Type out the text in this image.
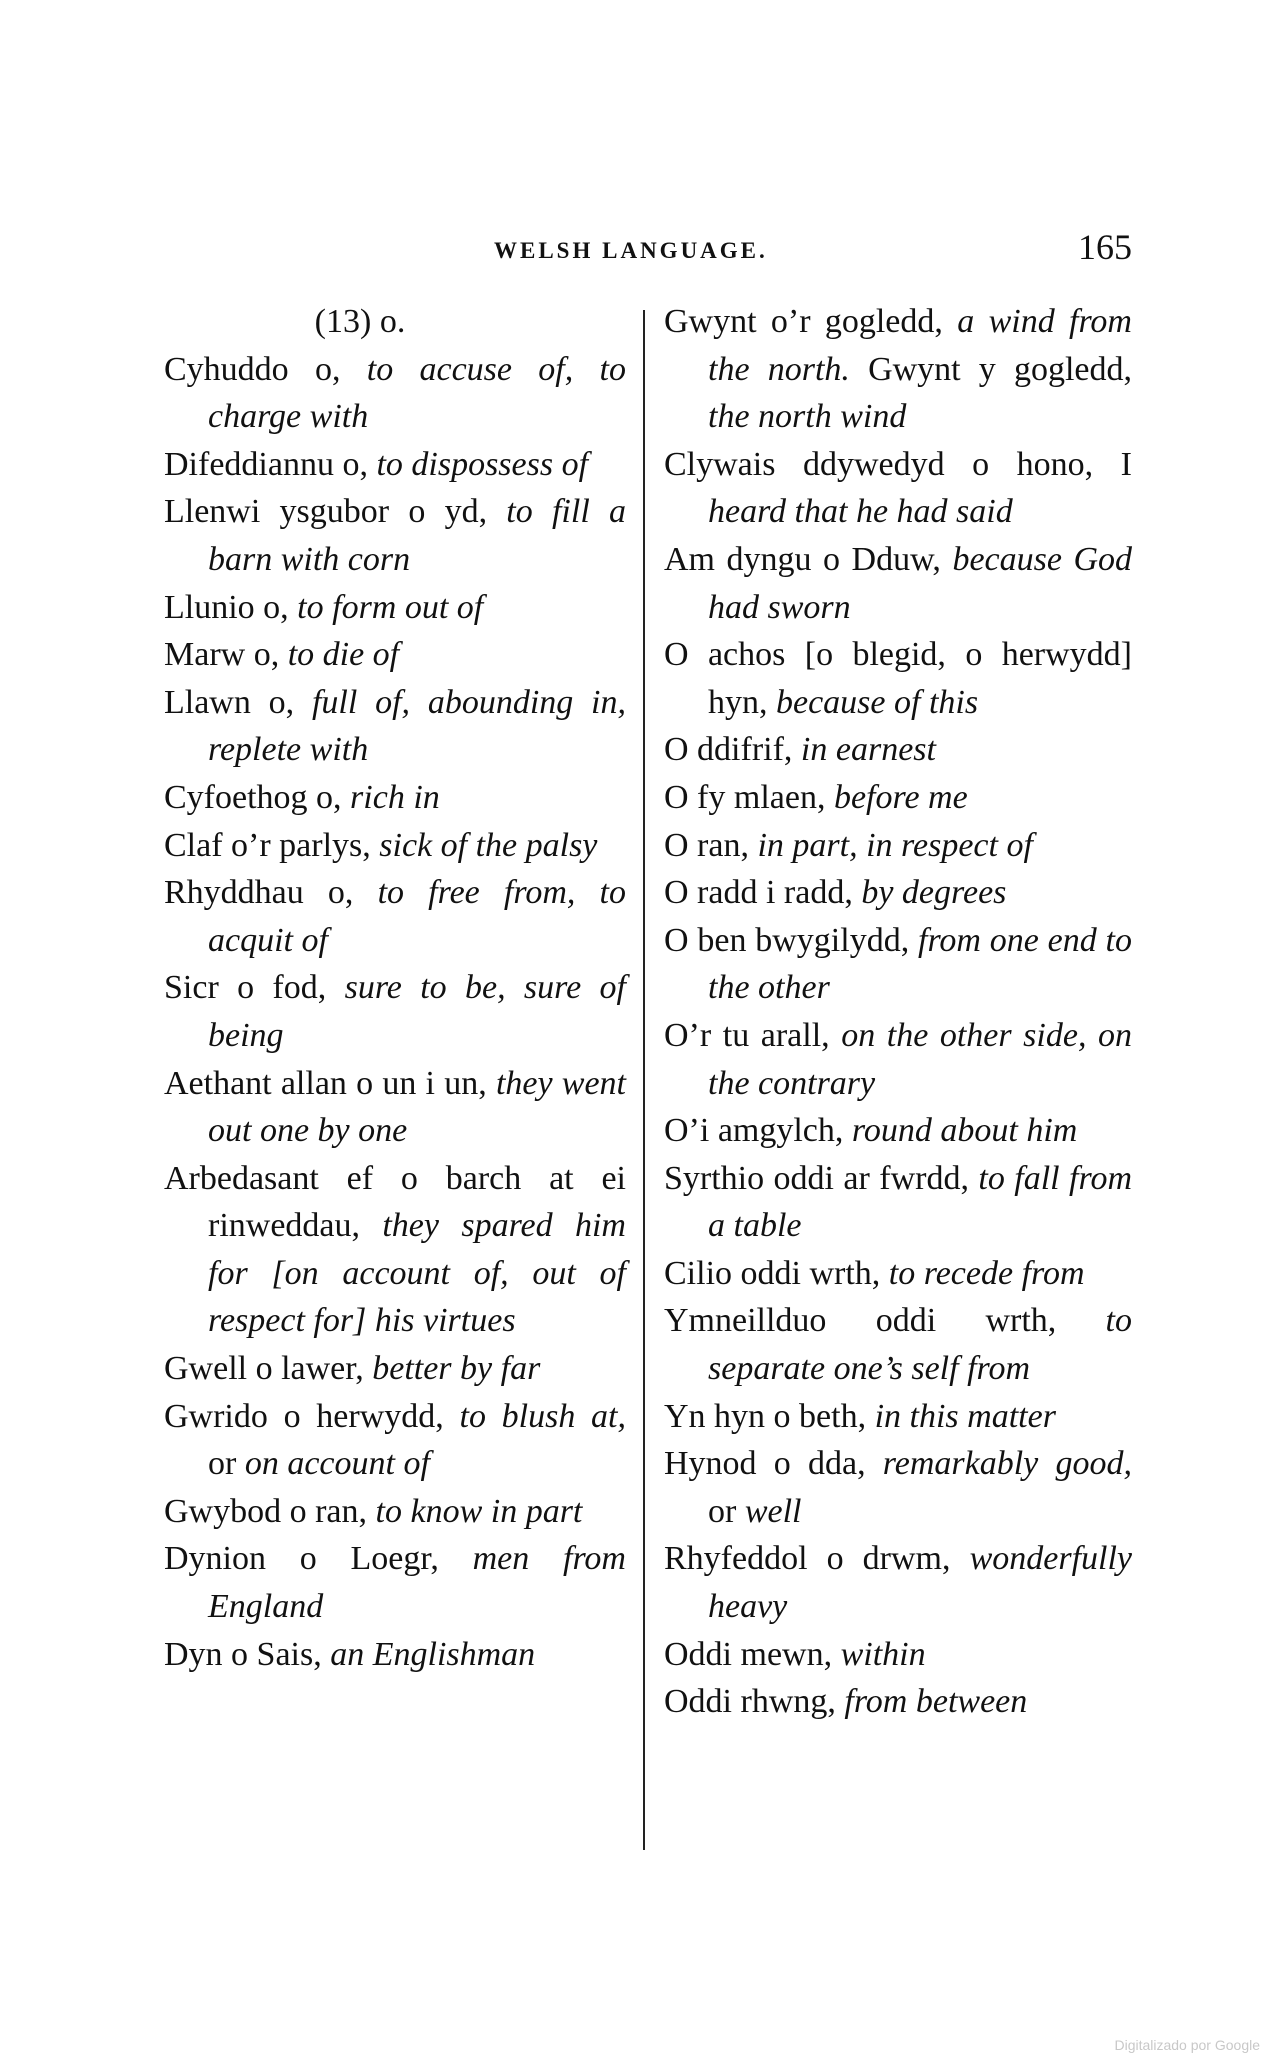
WELSH LANGUAGE.	165
(13) o.
Cyhuddo o, to accuse of, to charge with
Difeddiannu o, to dispossess of
Llenwi ysgubor o yd, to fill a barn with corn
Llunio o, to form out of
Marw o, to die of
Llawn o, full of, abounding in, replete with
Cyfoethog o, rich in
Claf o’r parlys, sick of the palsy
Rhyddhau o, to free from, to acquit of
Sicr o fod, sure to be, sure of being
Aethant allan o un i un, they went out one by one
Arbedasant ef o barch at ei rinweddau, they spared him for [on account of, out of respect for] his virtues
Gwell o lawer, better by far
Gwrido o herwydd, to blush at, or on account of
Gwybod o ran, to know in part
Dynion o Loegr, men from England
Dyn o Sais, an Englishman
Gwynt o’r gogledd, a wind from the north. Gwynt y gogledd, the north wind
Clywais ddywedyd o hono, I heard that he had said
Am dyngu o Dduw, because God had sworn
O achos [o blegid, o herwydd] hyn, because of this
O ddifrif, in earnest
O fy mlaen, before me
O ran, in part, in respect of
O radd i radd, by degrees
O ben bwygilydd, from one end to the other
O’r tu arall, on the other side, on the contrary
O’i amgylch, round about him
Syrthio oddi ar fwrdd, to fall from a table
Cilio oddi wrth, to recede from
Ymneillduo oddi wrth, to separate one’s self from
Yn hyn o beth, in this matter
Hynod o dda, remarkably good, or well
Rhyfeddol o drwm, wonderfully heavy
Oddi mewn, within
Oddi rhwng, from between
Digitalizado por Google
